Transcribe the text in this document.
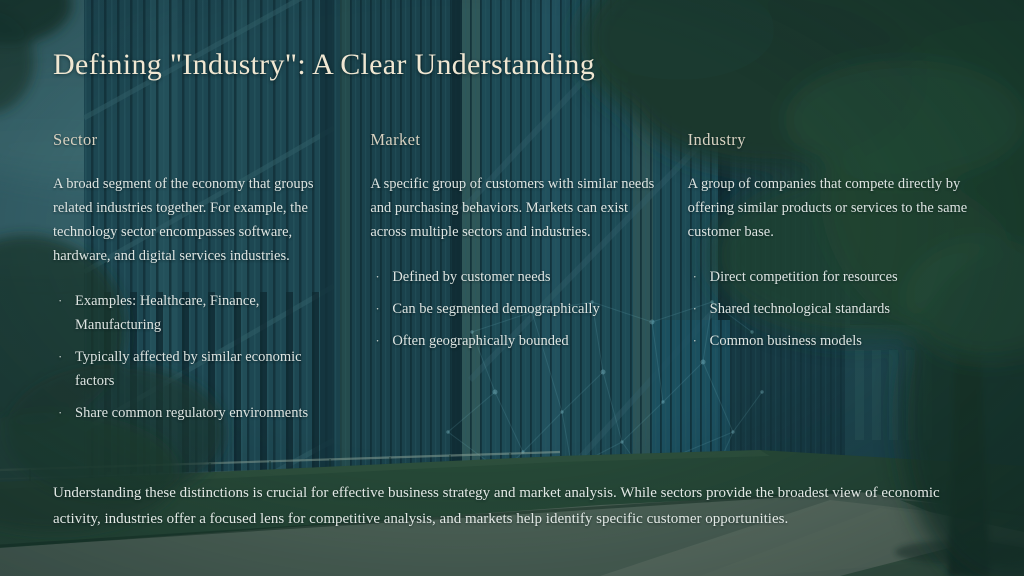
Defining "Industry": A Clear Understanding
Sector

A broad segment of the economy that groups related industries together. For example, the technology sector encompasses software, hardware, and digital services industries.

· Examples: Healthcare, Finance, Manufacturing
· Typically affected by similar economic factors
· Share common regulatory environments
Market

A specific group of customers with similar needs and purchasing behaviors. Markets can exist across multiple sectors and industries.

· Defined by customer needs
· Can be segmented demographically
· Often geographically bounded
Industry

A group of companies that compete directly by offering similar products or services to the same customer base.

· Direct competition for resources
· Shared technological standards
· Common business models

Understanding these distinctions is crucial for effective business strategy and market analysis. While sectors provide the broadest view of economic activity, industries offer a focused lens for competitive analysis, and markets help identify specific customer opportunities.
